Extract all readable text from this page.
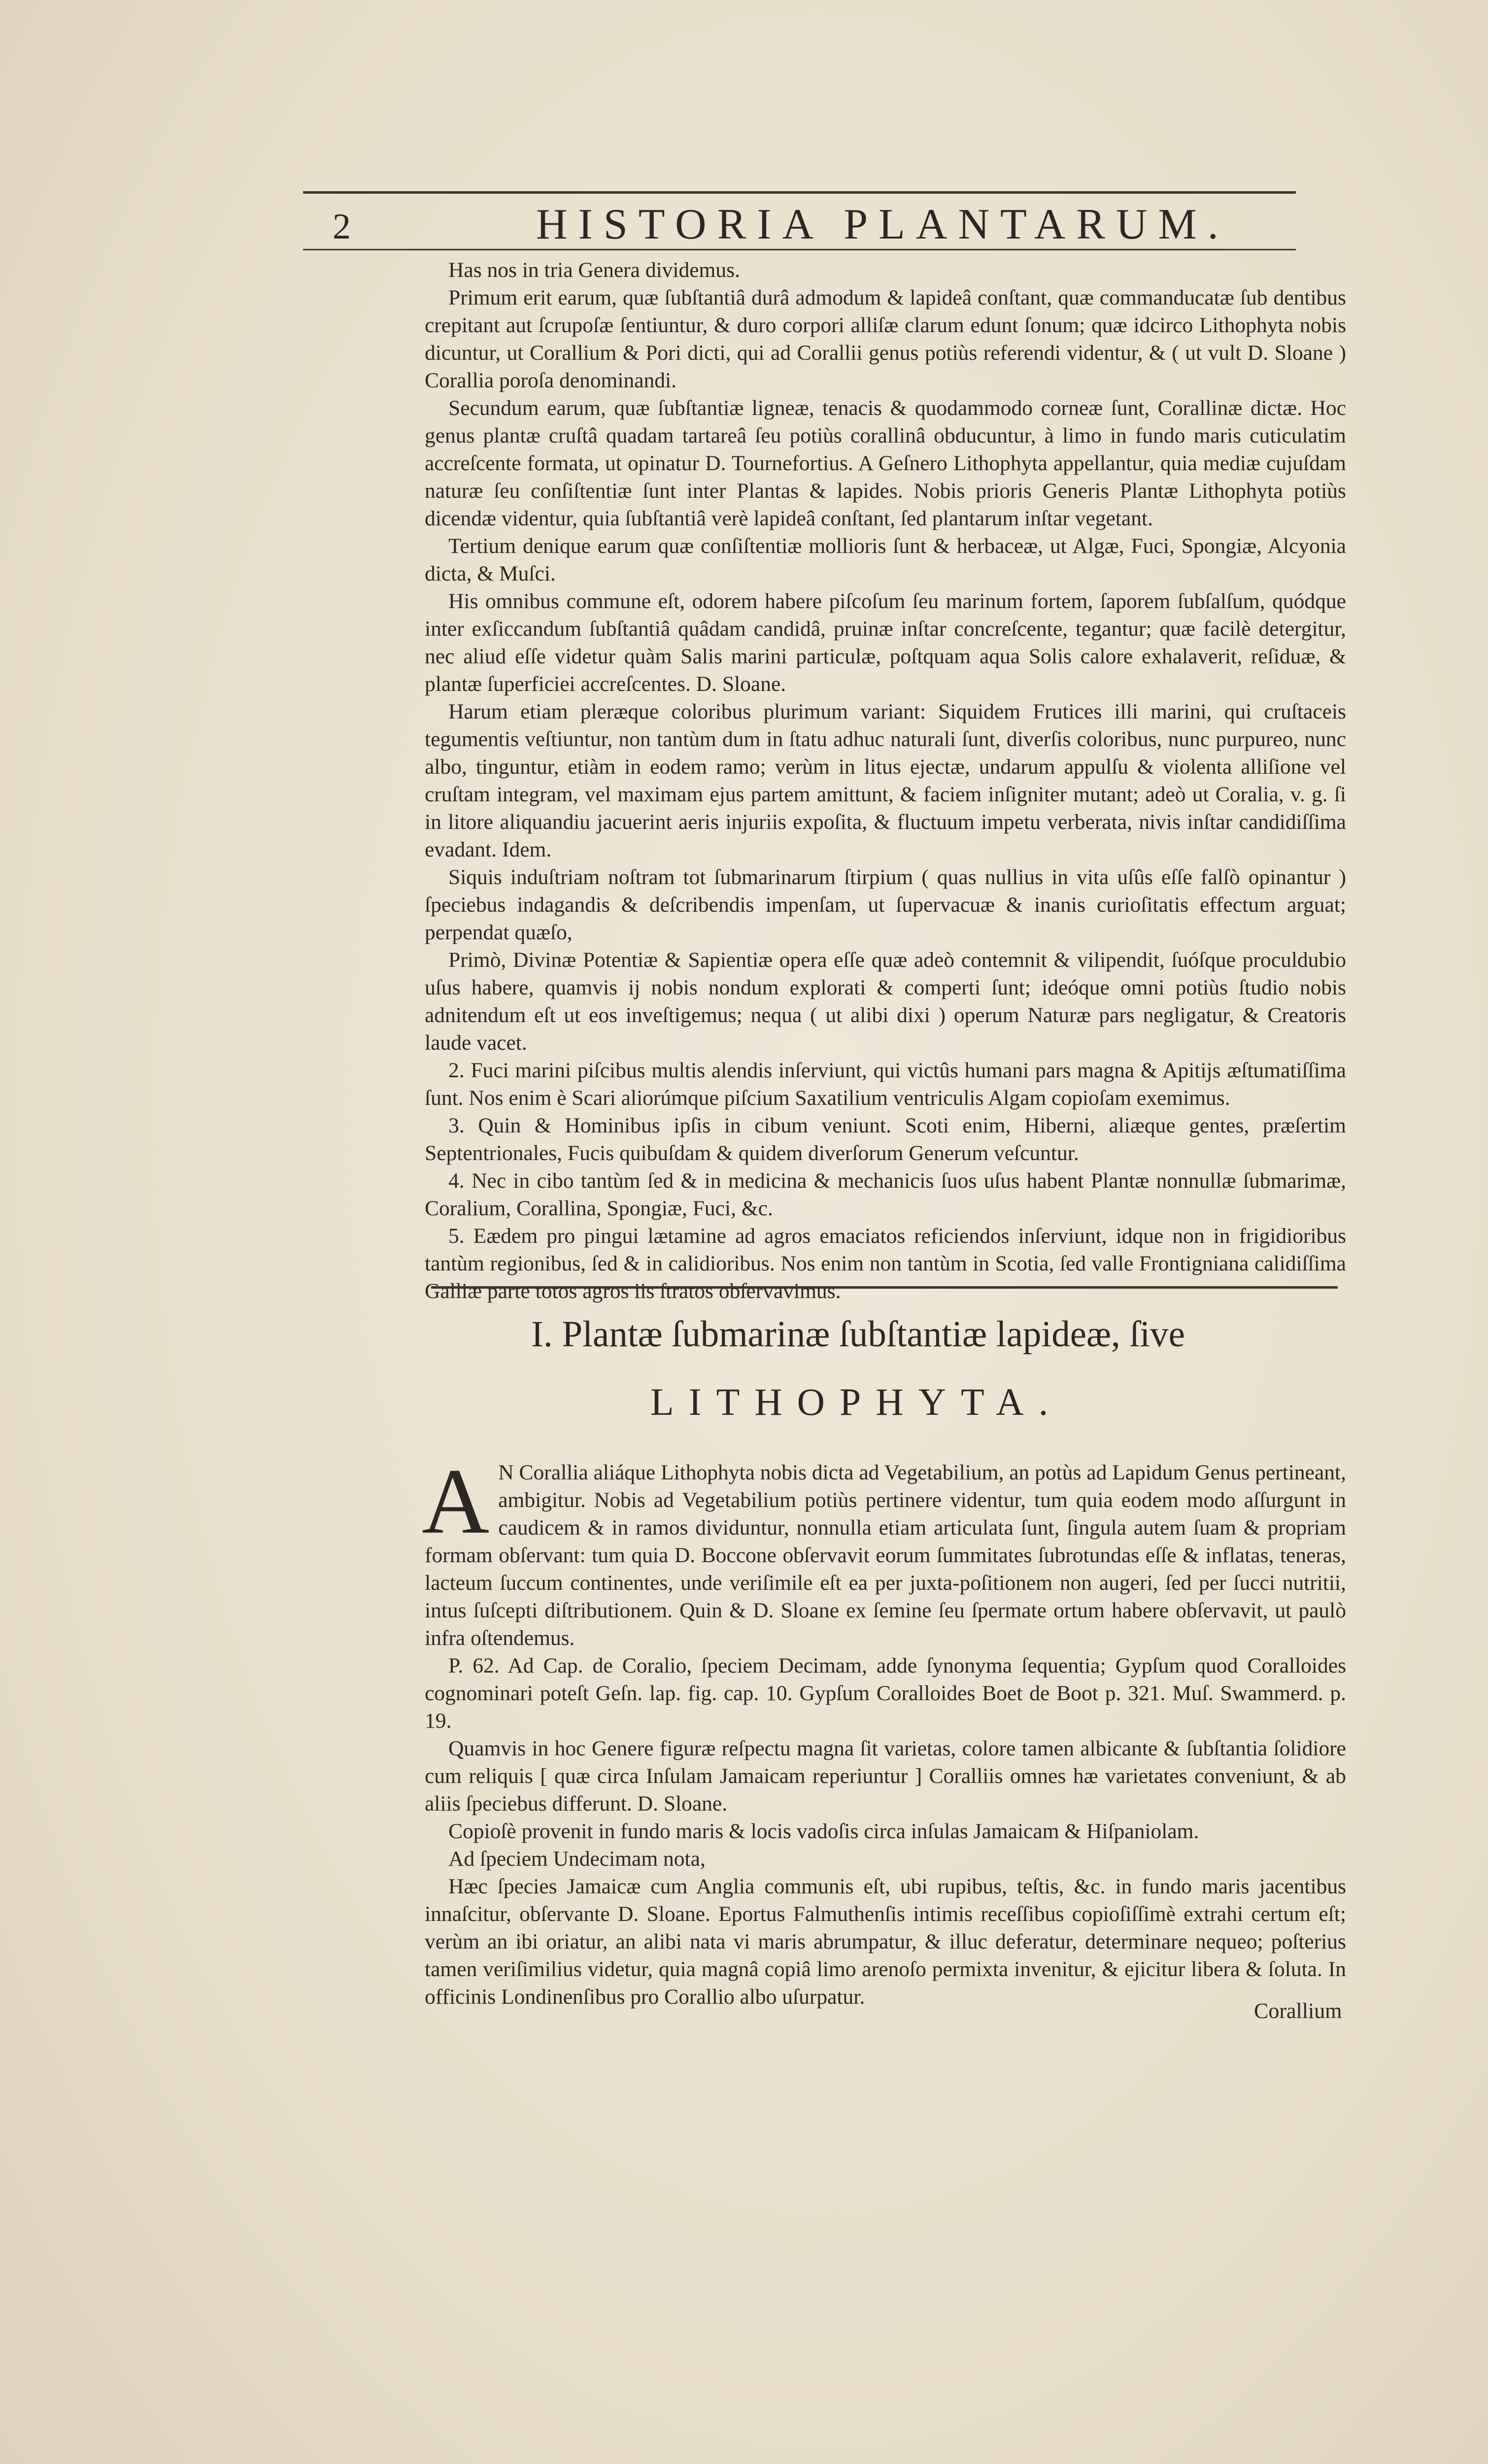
2	HISTORIA PLANTARUM.

Has nos in tria Genera dividemus.

Primum erit earum, quæ ſubſtantiâ durâ admodum & lapideâ conſtant, quæ commanducatæ ſub dentibus crepitant aut ſcrupoſæ ſentiuntur, & duro corpori alliſæ clarum edunt ſonum; quæ idcirco Lithophyta nobis dicuntur, ut Corallium & Pori dicti, qui ad Corallii genus potiùs referendi videntur, & ( ut vult D. Sloane ) Corallia poroſa denominandi.

Secundum earum, quæ ſubſtantiæ ligneæ, tenacis & quodammodo corneæ ſunt, Corallinæ dictæ. Hoc genus plantæ cruſtâ quadam tartareâ ſeu potiùs corallinâ obducuntur, à limo in fundo maris cuticulatim accreſcente formata, ut opinatur D. Tournefortius. A Geſnero Lithophyta appellantur, quia mediæ cujuſdam naturæ ſeu conſiſtentiæ ſunt inter Plantas & lapides. Nobis prioris Generis Plantæ Lithophyta potiùs dicendæ videntur, quia ſubſtantiâ verè lapideâ conſtant, ſed plantarum inſtar vegetant.

Tertium denique earum quæ conſiſtentiæ mollioris ſunt & herbaceæ, ut Algæ, Fuci, Spongiæ, Alcyonia dicta, & Muſci.

His omnibus commune eſt, odorem habere piſcoſum ſeu marinum fortem, ſaporem ſubſalſum, quódque inter exſiccandum ſubſtantiâ quâdam candidâ, pruinæ inſtar concreſcente, tegantur; quæ facilè detergitur, nec aliud eſſe videtur quàm Salis marini particulæ, poſtquam aqua Solis calore exhalaverit, reſiduæ, & plantæ ſuperficiei accreſcentes. D. Sloane.

Harum etiam pleræque coloribus plurimum variant: Siquidem Frutices illi marini, qui cruſtaceis tegumentis veſtiuntur, non tantùm dum in ſtatu adhuc naturali ſunt, diverſis coloribus, nunc purpureo, nunc albo, tinguntur, etiàm in eodem ramo; verùm in litus ejectæ, undarum appulſu & violenta alliſione vel cruſtam integram, vel maximam ejus partem amittunt, & faciem inſigniter mutant; adeò ut Coralia, v. g. ſi in litore aliquandiu jacuerint aeris injuriis expoſita, & fluctuum impetu verberata, nivis inſtar candidiſſima evadant. Idem.

Siquis induſtriam noſtram tot ſubmarinarum ſtirpium ( quas nullius in vita uſûs eſſe falſò opinantur ) ſpeciebus indagandis & deſcribendis impenſam, ut ſupervacuæ & inanis curioſitatis effectum arguat; perpendat quæſo,

Primò, Divinæ Potentiæ & Sapientiæ opera eſſe quæ adeò contemnit & vilipendit, ſuóſque proculdubio uſus habere, quamvis ij nobis nondum explorati & comperti ſunt; ideóque omni potiùs ſtudio nobis adnitendum eſt ut eos inveſtigemus; nequa ( ut alibi dixi ) operum Naturæ pars negligatur, & Creatoris laude vacet.

2. Fuci marini piſcibus multis alendis inſerviunt, qui victûs humani pars magna & Apitijs æſtumatiſſima ſunt. Nos enim è Scari aliorúmque piſcium Saxatilium ventriculis Algam copioſam exemimus.

3. Quin & Hominibus ipſis in cibum veniunt. Scoti enim, Hiberni, aliæque gentes, præſertim Septentrionales, Fucis quibuſdam & quidem diverſorum Generum veſcuntur.

4. Nec in cibo tantùm ſed & in medicina & mechanicis ſuos uſus habent Plantæ nonnullæ ſubmarimæ, Coralium, Corallina, Spongiæ, Fuci, &c.

5. Eædem pro pingui lætamine ad agros emaciatos reficiendos inſerviunt, idque non in frigidioribus tantùm regionibus, ſed & in calidioribus. Nos enim non tantùm in Scotia, ſed valle Frontigniana calidiſſima Galliæ parte totos agros iis ſtratos obſervavimus.

I. Plantæ ſubmarinæ ſubſtantiæ lapideæ, ſive
LITHOPHYTA.

A N Corallia aliáque Lithophyta nobis dicta ad Vegetabilium, an potùs ad Lapidum Genus pertineant, ambigitur. Nobis ad Vegetabilium potiùs pertinere videntur, tum quia eodem modo aſſurgunt in caudicem & in ramos dividuntur, nonnulla etiam articulata ſunt, ſingula autem ſuam & propriam formam obſervant: tum quia D. Boccone obſervavit eorum ſummitates ſubrotundas eſſe & inflatas, teneras, lacteum ſuccum continentes, unde veriſimile eſt ea per juxta-poſitionem non augeri, ſed per ſucci nutritii, intus ſuſcepti diſtributionem. Quin & D. Sloane ex ſemine ſeu ſpermate ortum habere obſervavit, ut paulò infra oſtendemus.

P. 62. Ad Cap. de Coralio, ſpeciem Decimam, adde ſynonyma ſequentia; Gypſum quod Coralloides cognominari poteſt Geſn. lap. fig. cap. 10. Gypſum Coralloides Boet de Boot p. 321. Muſ. Swammerd. p. 19.

Quamvis in hoc Genere figuræ reſpectu magna ſit varietas, colore tamen albicante & ſubſtantia ſolidiore cum reliquis [ quæ circa Inſulam Jamaicam reperiuntur ] Coralliis omnes hæ varietates conveniunt, & ab aliis ſpeciebus differunt. D. Sloane.

Copioſè provenit in fundo maris & locis vadoſis circa inſulas Jamaicam & Hiſpaniolam.

Ad ſpeciem Undecimam nota,

Hæc ſpecies Jamaicæ cum Anglia communis eſt, ubi rupibus, teſtis, &c. in fundo maris jacentibus innaſcitur, obſervante D. Sloane. Eportus Falmuthenſis intimis receſſibus copioſiſſimè extrahi certum eſt; verùm an ibi oriatur, an alibi nata vi maris abrumpatur, & illuc deferatur, determinare nequeo; poſterius tamen veriſimilius videtur, quia magnâ copiâ limo arenoſo permixta invenitur, & ejicitur libera & ſoluta. In officinis Londinenſibus pro Corallio albo uſurpatur.

Corallium
